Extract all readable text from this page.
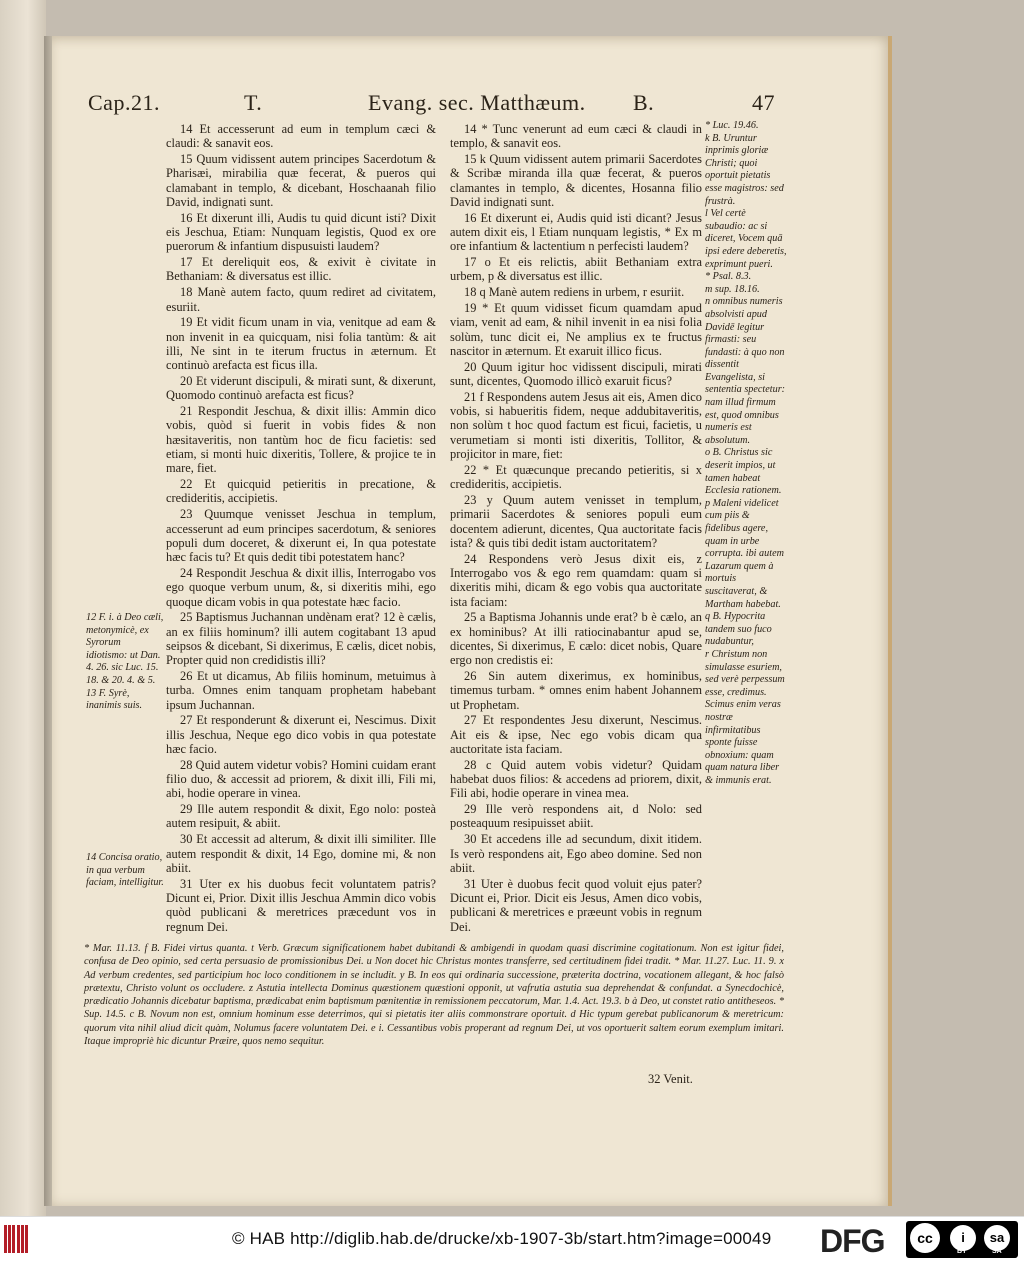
Cap.21.	T.	Evang. sec. Matthæum. B.	47

14 Et accesserunt ad eum in templum cæci & claudi: & sanavit eos.

15 Quum vidissent autem principes Sacerdotum & Pharisæi, mirabilia quæ fecerat, & pueros qui clamabant in templo, & dicebant, Hoschaanah filio David, indignati sunt.

16 Et dixerunt illi, Audis tu quid dicunt isti? Dixit eis Jeschua, Etiam: Nunquam legistis, Quod ex ore puerorum & infantium dispusuisti laudem?

17 Et dereliquit eos, & exivit è civitate in Bethaniam: & diversatus est illic.

18 Manè autem facto, quum rediret ad civitatem, esuriit.

19 Et vidit ficum unam in via, venitque ad eam & non invenit in ea quicquam, nisi folia tantùm: & ait illi, Ne sint in te iterum fructus in æternum. Et continuò arefacta est ficus illa.

20 Et viderunt discipuli, & mirati sunt, & dixerunt, Quomodo continuò arefacta est ficus?

21 Respondit Jeschua, & dixit illis: Ammin dico vobis, quòd si fuerit in vobis fides & non hæsitaveritis, non tantùm hoc de ficu facietis: sed etiam, si monti huic dixeritis, Tollere, & projice te in mare, fiet.

22 Et quicquid petieritis in precatione, & credideritis, accipietis.

23 Quumque venisset Jeschua in templum, accesserunt ad eum principes sacerdotum, & seniores populi dum doceret, & dixerunt ei, In qua potestate hæc facis tu? Et quis dedit tibi potestatem hanc?

24 Respondit Jeschua & dixit illis, Interrogabo vos ego quoque verbum unum, &, si dixeritis mihi, ego quoque dicam vobis in qua potestate hæc facio.

25 Baptismus Juchannan undènam erat? 12 è cælis, an ex filiis hominum? illi autem cogitabant 13 apud seipsos & dicebant, Si dixerimus, E cælis, dicet nobis, Propter quid non credidistis illi?

26 Et ut dicamus, Ab filiis hominum, metuimus à turba. Omnes enim tanquam prophetam habebant ipsum Juchannan.

27 Et responderunt & dixerunt ei, Nescimus. Dixit illis Jeschua, Neque ego dico vobis in qua potestate hæc facio.

28 Quid autem videtur vobis? Homini cuidam erant filio duo, & accessit ad priorem, & dixit illi, Fili mi, abi, hodie operare in vinea.

29 Ille autem respondit & dixit, Ego nolo: posteà autem resipuit, & abiit.

30 Et accessit ad alterum, & dixit illi similiter. Ille autem respondit & dixit, 14 Ego, domine mi, & non abiit.

31 Uter ex his duobus fecit voluntatem patris? Dicunt ei, Prior. Dixit illis Jeschua Ammin dico vobis quòd publicani & meretrices præcedunt vos in regnum Dei.

14 * Tunc venerunt ad eum cæci & claudi in templo, & sanavit eos.

15 k Quum vidissent autem primarii Sacerdotes & Scribæ miranda illa quæ fecerat, & pueros clamantes in templo, & dicentes, Hosanna filio David indignati sunt.

16 Et dixerunt ei, Audis quid isti dicant? Jesus autem dixit eis, l Etiam nunquam legistis, * Ex m ore infantium & lactentium n perfecisti laudem?

17 o Et eis relictis, abiit Bethaniam extra urbem, p & diversatus est illic.

18 q Manè autem rediens in urbem, r esuriit.

19 * Et quum vidisset ficum quamdam apud viam, venit ad eam, & nihil invenit in ea nisi folia solùm, tunc dicit ei, Ne amplius ex te fructus nascitor in æternum. Et exaruit illico ficus.

20 Quum igitur hoc vidissent discipuli, mirati sunt, dicentes, Quomodo illicò exaruit ficus?

21 f Respondens autem Jesus ait eis, Amen dico vobis, si habueritis fidem, neque addubitaveritis, non solùm t hoc quod factum est ficui, facietis, u verumetiam si monti isti dixeritis, Tollitor, & projicitor in mare, fiet:

22 * Et quæcunque precando petieritis, si x credideritis, accipietis.

23 y Quum autem venisset in templum, primarii Sacerdotes & seniores populi eum docentem adierunt, dicentes, Qua auctoritate facis ista? & quis tibi dedit istam auctoritatem?

24 Respondens verò Jesus dixit eis, z Interrogabo vos & ego rem quamdam: quam si dixeritis mihi, dicam & ego vobis qua auctoritate ista faciam:

25 a Baptisma Johannis unde erat? b è cælo, an ex hominibus? At illi ratiocinabantur apud se, dicentes, Si dixerimus, E cælo: dicet nobis, Quare ergo non credistis ei:

26 Sin autem dixerimus, ex hominibus, timemus turbam. * omnes enim habent Johannem ut Prophetam.

27 Et respondentes Jesu dixerunt, Nescimus. Ait eis & ipse, Nec ego vobis dicam qua auctoritate ista faciam.

28 c Quid autem vobis videtur? Quidam habebat duos filios: & accedens ad priorem, dixit, Fili abi, hodie operare in vinea mea.

29 Ille verò respondens ait, d Nolo: sed posteaquum resipuisset abiit.

30 Et accedens ille ad secundum, dixit itidem. Is verò respondens ait, Ego abeo domine. Sed non abiit.

31 Uter è duobus fecit quod voluit ejus pater? Dicunt ei, Prior. Dicit eis Jesus, Amen dico vobis, publicani & meretrices e præeunt vobis in regnum Dei.

* Luc. 19.46.
k B. Uruntur inprimis gloriæ Christi; quoi oportuit pietatis esse magistros: sed frustrà.
l Vel certè subaudio: ac si diceret, Vocem quā ipsi edere deberetis, exprimunt pueri.
* Psal. 8.3.
m sup. 18.16.
n omnibus numeris absolvisti apud Davidē legitur firmasti: seu fundasti: à quo non dissentit Evangelista, si sententia spectetur: nam illud firmum est, quod omnibus numeris est absolutum.
o B. Christus sic deserit impios, ut tamen habeat Ecclesia rationem.
p Maleni videlicet cum piis & fidelibus agere, quam in urbe corrupta. ibi autem Lazarum quem à mortuis suscitaverat, & Martham habebat.
q B. Hypocrita tandem suo fuco nudabuntur,
r Christum non simulasse esuriem, sed verè perpessum esse, credimus. Scimus enim veras nostræ infirmitatibus sponte fuisse obnoxium: quam quam natura liber & immunis erat.
12 F. i. à Deo cæli, metonymicè, ex Syrorum idiotismo: ut Dan. 4. 26. sic Luc. 15. 18. & 20. 4. & 5.
13 F. Syrè, inanimis suis.
14 Concisa oratio, in qua verbum faciam, intelligitur.
* Mar. 11.13. f B. Fidei virtus quanta. t Verb. Græcum significationem habet dubitandi & ambigendi in quodam quasi discrimine cogitationum. Non est igitur fidei, confusa de Deo opinio, sed certa persuasio de promissionibus Dei. u Non docet hic Christus montes transferre, sed certitudinem fidei tradit. * Mar. 11.27. Luc. 11. 9. x Ad verbum credentes, sed participium hoc loco conditionem in se includit. y B. In eos qui ordinaria successione, præterita doctrina, vocationem allegant, & hoc falsò prætextu, Christo volunt os occludere. z Astutia intellecta Dominus quæstionem quæstioni opponit, ut vafrutia astutia sua deprehendat & confundat. a Synecdochicè, prædicatio Johannis dicebatur baptisma, prædicabat enim baptismum pœnitentiæ in remissionem peccatorum, Mar. 1.4. Act. 19.3. b à Deo, ut constet ratio antitheseos. * Sup. 14.5. c B. Novum non est, omnium hominum esse deterrimos, qui si pietatis iter aliis commonstrare oportuit. d Hic typum gerebat publicanorum & meretricum: quorum vita nihil aliud dicit quàm, Nolumus facere voluntatem Dei. e i. Cessantibus vobis properant ad regnum Dei, ut vos oportuerit saltem eorum exemplum imitari. Itaque impropriè hic dicuntur Præire, quos nemo sequitur.
32 Venit.
© HAB http://diglib.hab.de/drucke/xb-1907-3b/start.htm?image=00049 DFG	cc	i	sa
BY	SA
